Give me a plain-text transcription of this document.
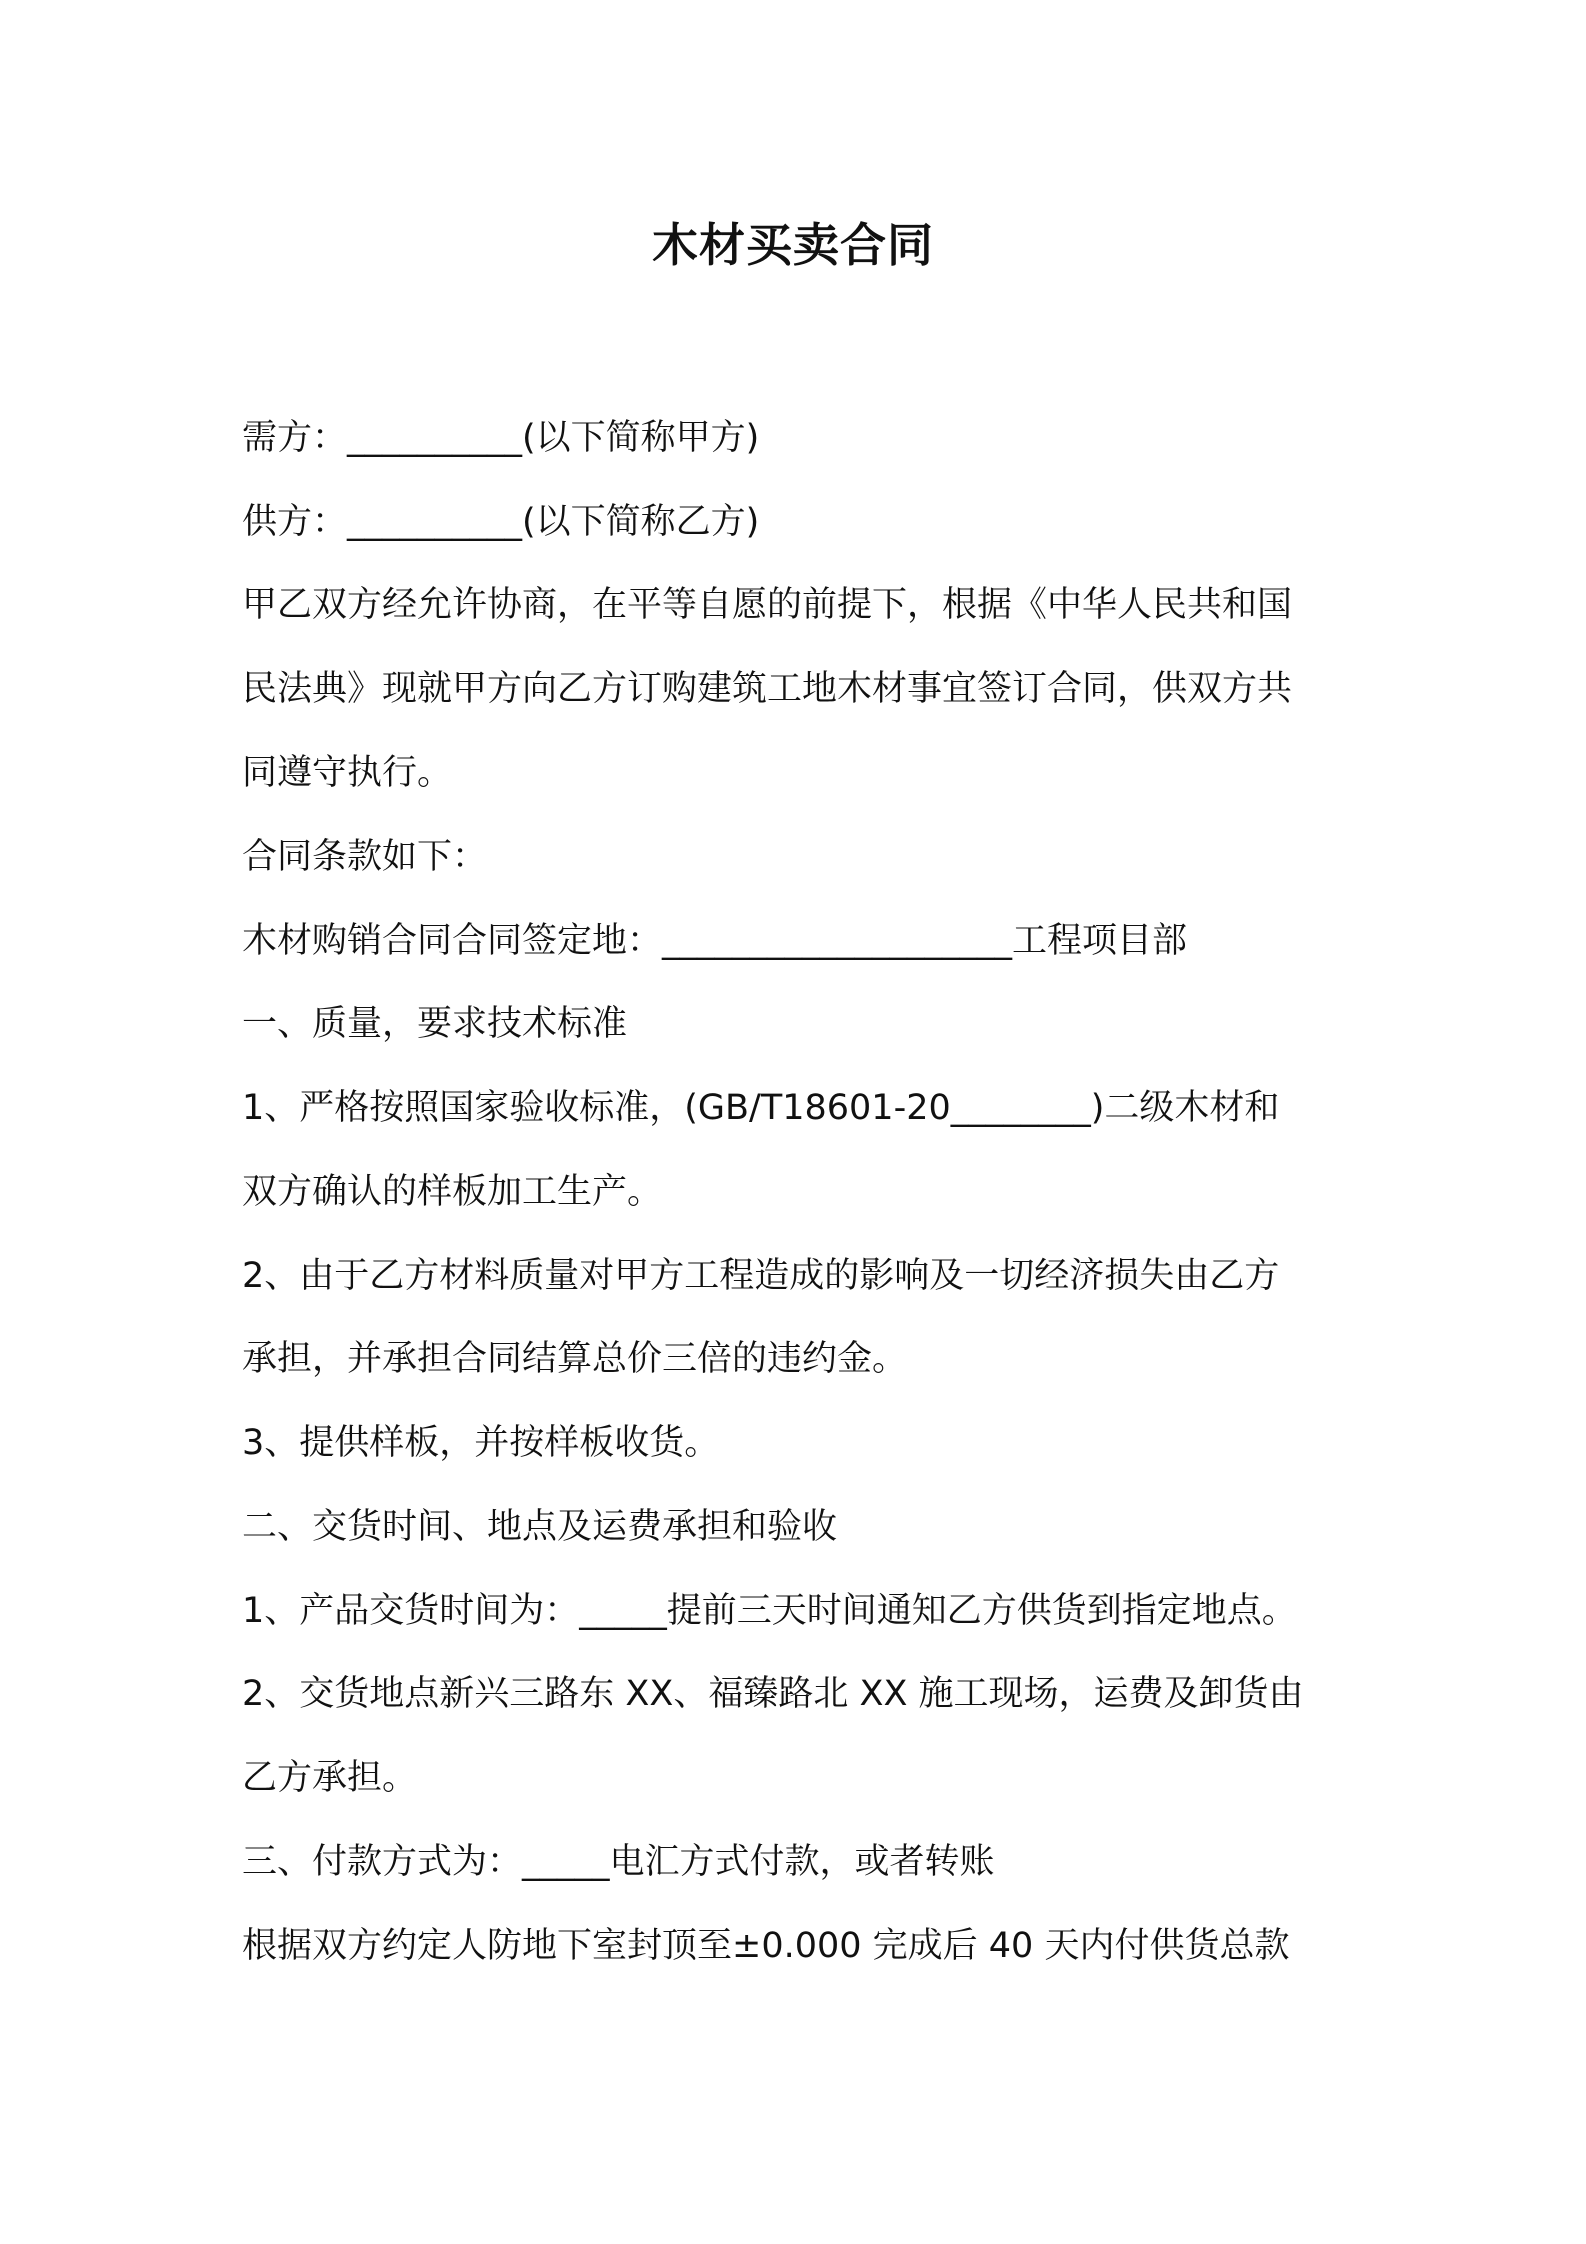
木材买卖合同

需方：__________(以下简称甲方)

供方：__________(以下简称乙方)

甲乙双方经允许协商，在平等自愿的前提下，根据《中华人民共和国

民法典》现就甲方向乙方订购建筑工地木材事宜签订合同，供双方共

同遵守执行。

合同条款如下：

木材购销合同合同签定地：____________________工程项目部

一、质量，要求技术标准

1、严格按照国家验收标准，(GB/T18601-20________)二级木材和

双方确认的样板加工生产。

2、由于乙方材料质量对甲方工程造成的影响及一切经济损失由乙方

承担，并承担合同结算总价三倍的违约金。

3、提供样板，并按样板收货。

二、交货时间、地点及运费承担和验收

1、产品交货时间为：_____提前三天时间通知乙方供货到指定地点。

2、交货地点新兴三路东 XX、福臻路北 XX 施工现场，运费及卸货由

乙方承担。

三、付款方式为：_____电汇方式付款，或者转账

根据双方约定人防地下室封顶至±0.000 完成后 40 天内付供货总款
